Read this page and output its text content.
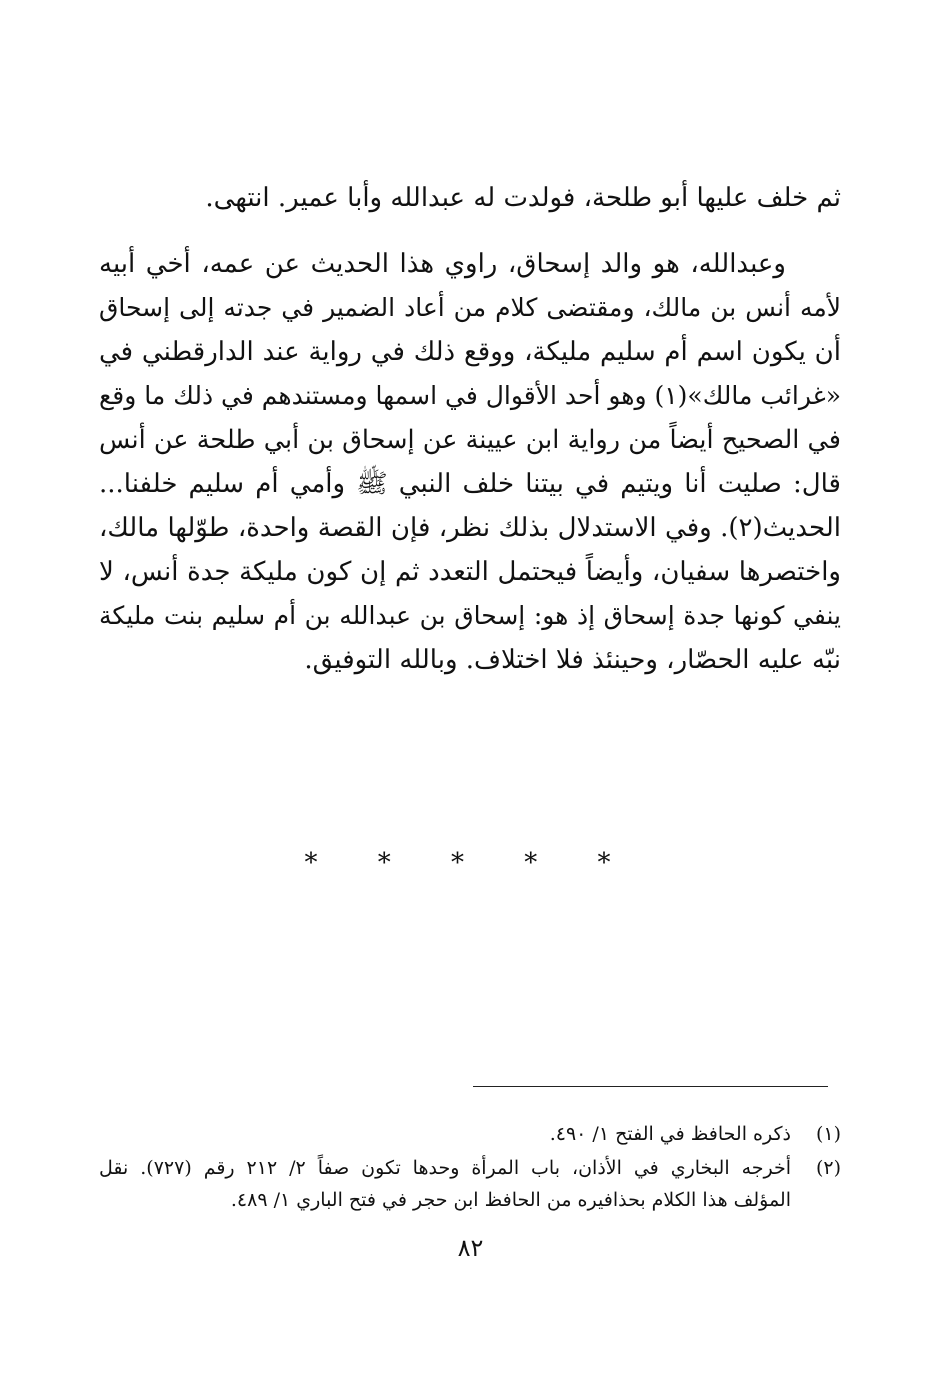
ثم خلف عليها أبو طلحة، فولدت له عبدالله وأبا عمير. انتهى.
وعبدالله، هو والد إسحاق، راوي هذا الحديث عن عمه، أخي أبيه
لأمه أنس بن مالك، ومقتضى كلام من أعاد الضمير في جدته إلى إسحاق
أن يكون اسم أم سليم مليكة، ووقع ذلك في رواية عند الدارقطني في
«غرائب مالك»(١) وهو أحد الأقوال في اسمها ومستندهم في ذلك ما وقع
في الصحيح أيضاً من رواية ابن عيينة عن إسحاق بن أبي طلحة عن أنس
قال: صليت أنا ويتيم في بيتنا خلف النبي ﷺ وأمي أم سليم خلفنا...
الحديث(٢). وفي الاستدلال بذلك نظر، فإن القصة واحدة، طوّلها مالك،
واختصرها سفيان، وأيضاً فيحتمل التعدد ثم إن كون مليكة جدة أنس، لا
ينفي كونها جدة إسحاق إذ هو: إسحاق بن عبدالله بن أم سليم بنت مليكة
نبّه عليه الحصّار، وحينئذ فلا اختلاف. وبالله التوفيق.
* * * * *
(١)
ذكره الحافظ في الفتح ١/ ٤٩٠.
(٢)
أخرجه البخاري في الأذان، باب المرأة وحدها تكون صفاً ٢/ ٢١٢ رقم (٧٢٧). نقل
المؤلف هذا الكلام بحذافيره من الحافظ ابن حجر في فتح الباري ١/ ٤٨٩.
٨٢
